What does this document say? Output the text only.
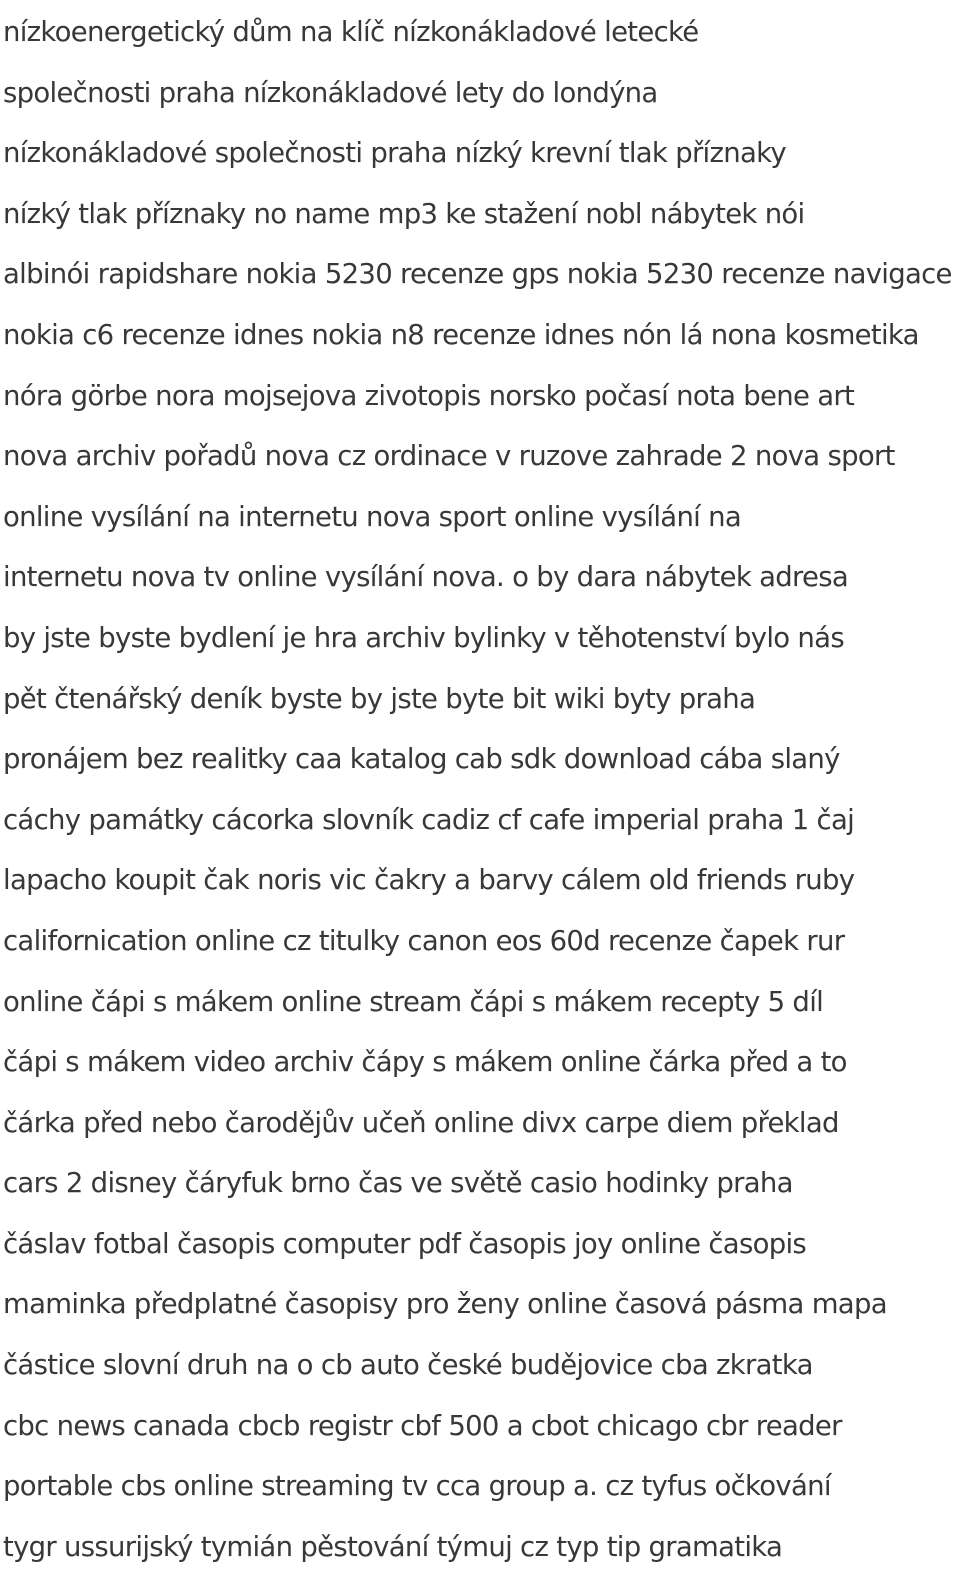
nízkoenergetický dům na klíč nízkonákladové letecké
společnosti praha nízkonákladové lety do londýna
nízkonákladové společnosti praha nízký krevní tlak příznaky
nízký tlak příznaky no name mp3 ke stažení nobl nábytek nói
albinói rapidshare nokia 5230 recenze gps nokia 5230 recenze navigace
nokia c6 recenze idnes nokia n8 recenze idnes nón lá nona kosmetika
nóra görbe nora mojsejova zivotopis norsko počasí nota bene art
nova archiv pořadů nova cz ordinace v ruzove zahrade 2 nova sport
online vysílání na internetu nova sport online vysílání na
internetu nova tv online vysílání nova. o by dara nábytek adresa
by jste byste bydlení je hra archiv bylinky v těhotenství bylo nás
pět čtenářský deník byste by jste byte bit wiki byty praha
pronájem bez realitky caa katalog cab sdk download cába slaný
cáchy památky cácorka slovník cadiz cf cafe imperial praha 1 čaj
lapacho koupit čak noris vic čakry a barvy cálem old friends ruby
californication online cz titulky canon eos 60d recenze čapek rur
online čápi s mákem online stream čápi s mákem recepty 5 díl
čápi s mákem video archiv čápy s mákem online čárka před a to
čárka před nebo čarodějův učeň online divx carpe diem překlad
cars 2 disney čáryfuk brno čas ve světě casio hodinky praha
čáslav fotbal časopis computer pdf časopis joy online časopis
maminka předplatné časopisy pro ženy online časová pásma mapa
částice slovní druh na o cb auto české budějovice cba zkratka
cbc news canada cbcb registr cbf 500 a cbot chicago cbr reader
portable cbs online streaming tv cca group a. cz tyfus očkování
tygr ussurijský tymián pěstování týmuj cz typ tip gramatika
